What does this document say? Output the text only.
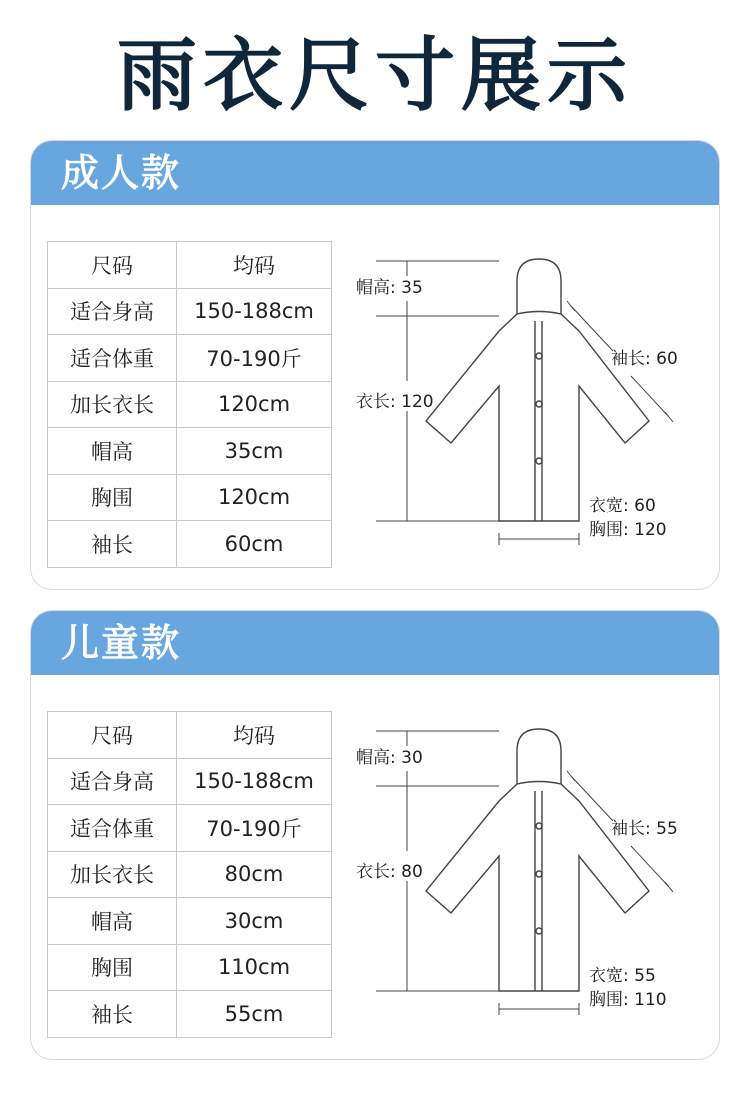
雨衣尺寸展示
成人款
尺码	均码
适合身高	150-188cm
适合体重	70-190斤
加长衣长	120cm
帽高	35cm
胸围	120cm
袖长	60cm
帽高: 35
衣长: 120
袖长: 60
衣宽: 60
胸围: 120
儿童款
尺码	均码
适合身高	150-188cm
适合体重	70-190斤
加长衣长	80cm
帽高	30cm
胸围	110cm
袖长	55cm
帽高: 30
衣长: 80
袖长: 55
衣宽: 55
胸围: 110
